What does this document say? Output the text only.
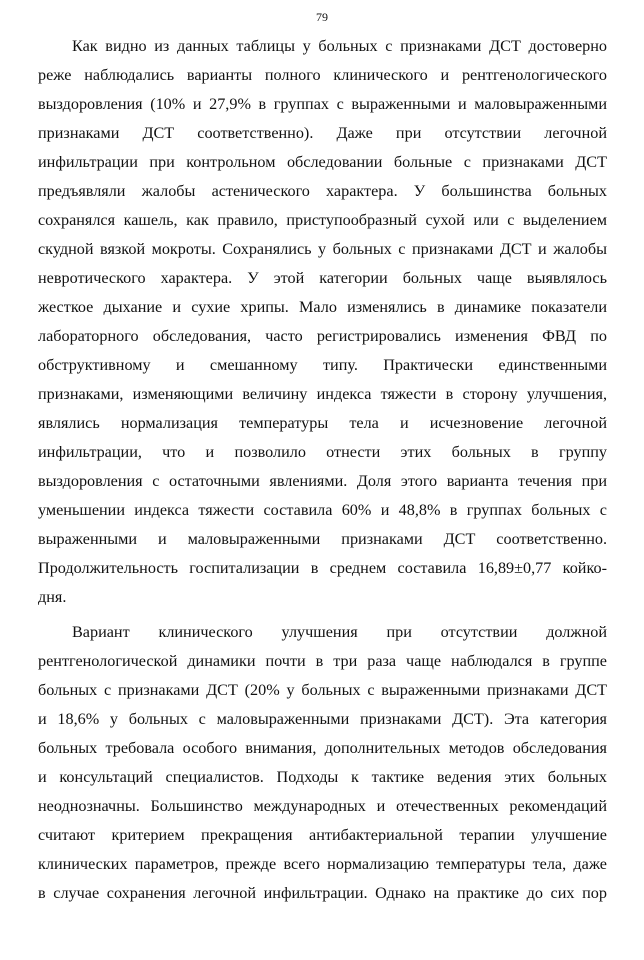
79
Как видно из данных таблицы у больных с признаками ДСТ достоверно
реже наблюдались варианты полного клинического и рентгенологического
выздоровления (10% и 27,9% в группах с выраженными и маловыраженными
признаками ДСТ соответственно). Даже при отсутствии легочной
инфильтрации при контрольном обследовании больные с признаками ДСТ
предъявляли жалобы астенического характера. У большинства больных
сохранялся кашель, как правило, приступообразный сухой или с выделением
скудной вязкой мокроты. Сохранялись у больных с признаками ДСТ и жалобы
невротического характера. У этой категории больных чаще выявлялось
жесткое дыхание и сухие хрипы. Мало изменялись в динамике показатели
лабораторного обследования, часто регистрировались изменения ФВД по
обструктивному и смешанному типу. Практически единственными
признаками, изменяющими величину индекса тяжести в сторону улучшения,
являлись нормализация температуры тела и исчезновение легочной
инфильтрации, что и позволило отнести этих больных в группу
выздоровления с остаточными явлениями. Доля этого варианта течения при
уменьшении индекса тяжести составила 60% и 48,8% в группах больных с
выраженными и маловыраженными признаками ДСТ соответственно.
Продолжительность госпитализации в среднем составила 16,89±0,77 койко-
дня.
Вариант клинического улучшения при отсутствии должной
рентгенологической динамики почти в три раза чаще наблюдался в группе
больных с признаками ДСТ (20% у больных с выраженными признаками ДСТ
и 18,6% у больных с маловыраженными признаками ДСТ). Эта категория
больных требовала особого внимания, дополнительных методов обследования
и консультаций специалистов. Подходы к тактике ведения этих больных
неоднозначны. Большинство международных и отечественных рекомендаций
считают критерием прекращения антибактериальной терапии улучшение
клинических параметров, прежде всего нормализацию температуры тела, даже
в случае сохранения легочной инфильтрации. Однако на практике до сих пор
